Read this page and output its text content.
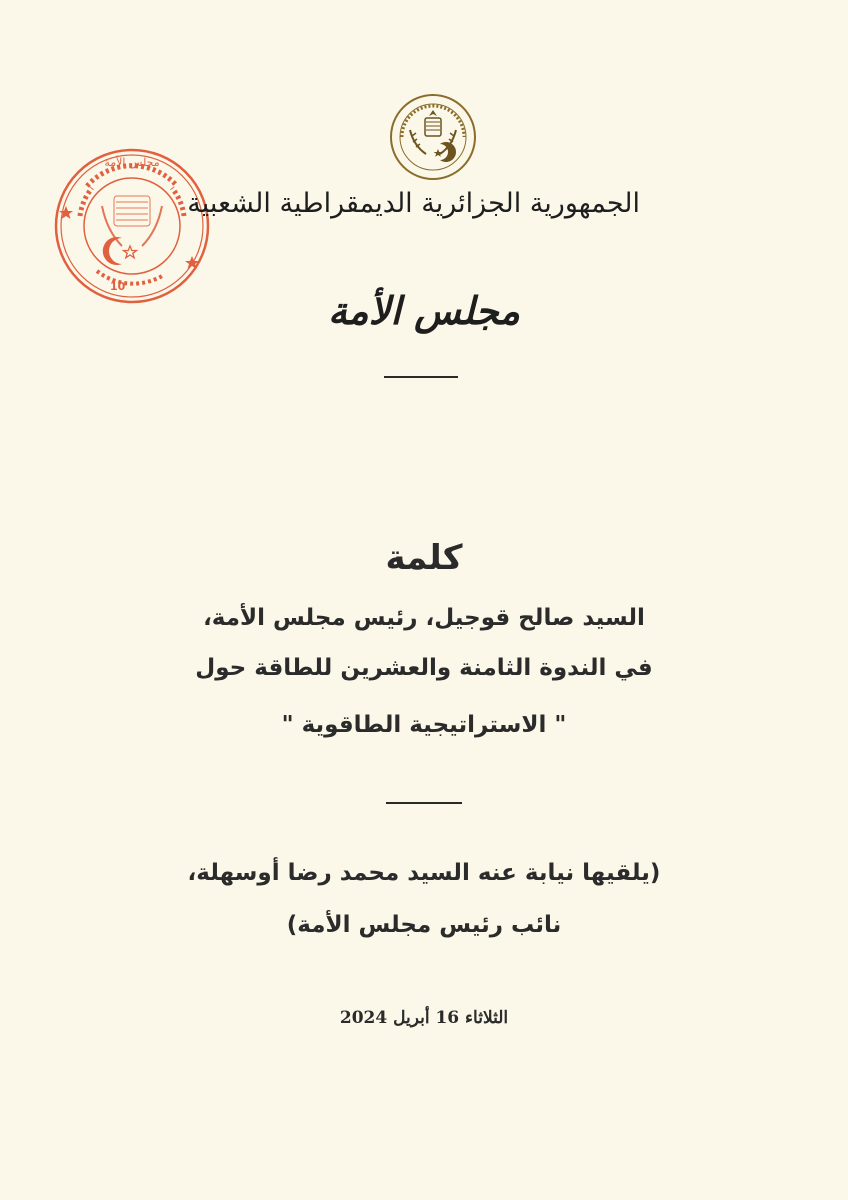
10
مجلس الأمة
الجمهورية الجزائرية الديمقراطية الشعبية
مجلس الأمة
كلمة
السيد صالح قوجيل، رئيس مجلس الأمة،
في الندوة الثامنة والعشرين للطاقة حول
" الاستراتيجية الطاقوية "
(يلقيها نيابة عنه السيد محمد رضا أوسهلة،
نائب رئيس مجلس الأمة)
الثلاثاء 16 أبريل 2024
